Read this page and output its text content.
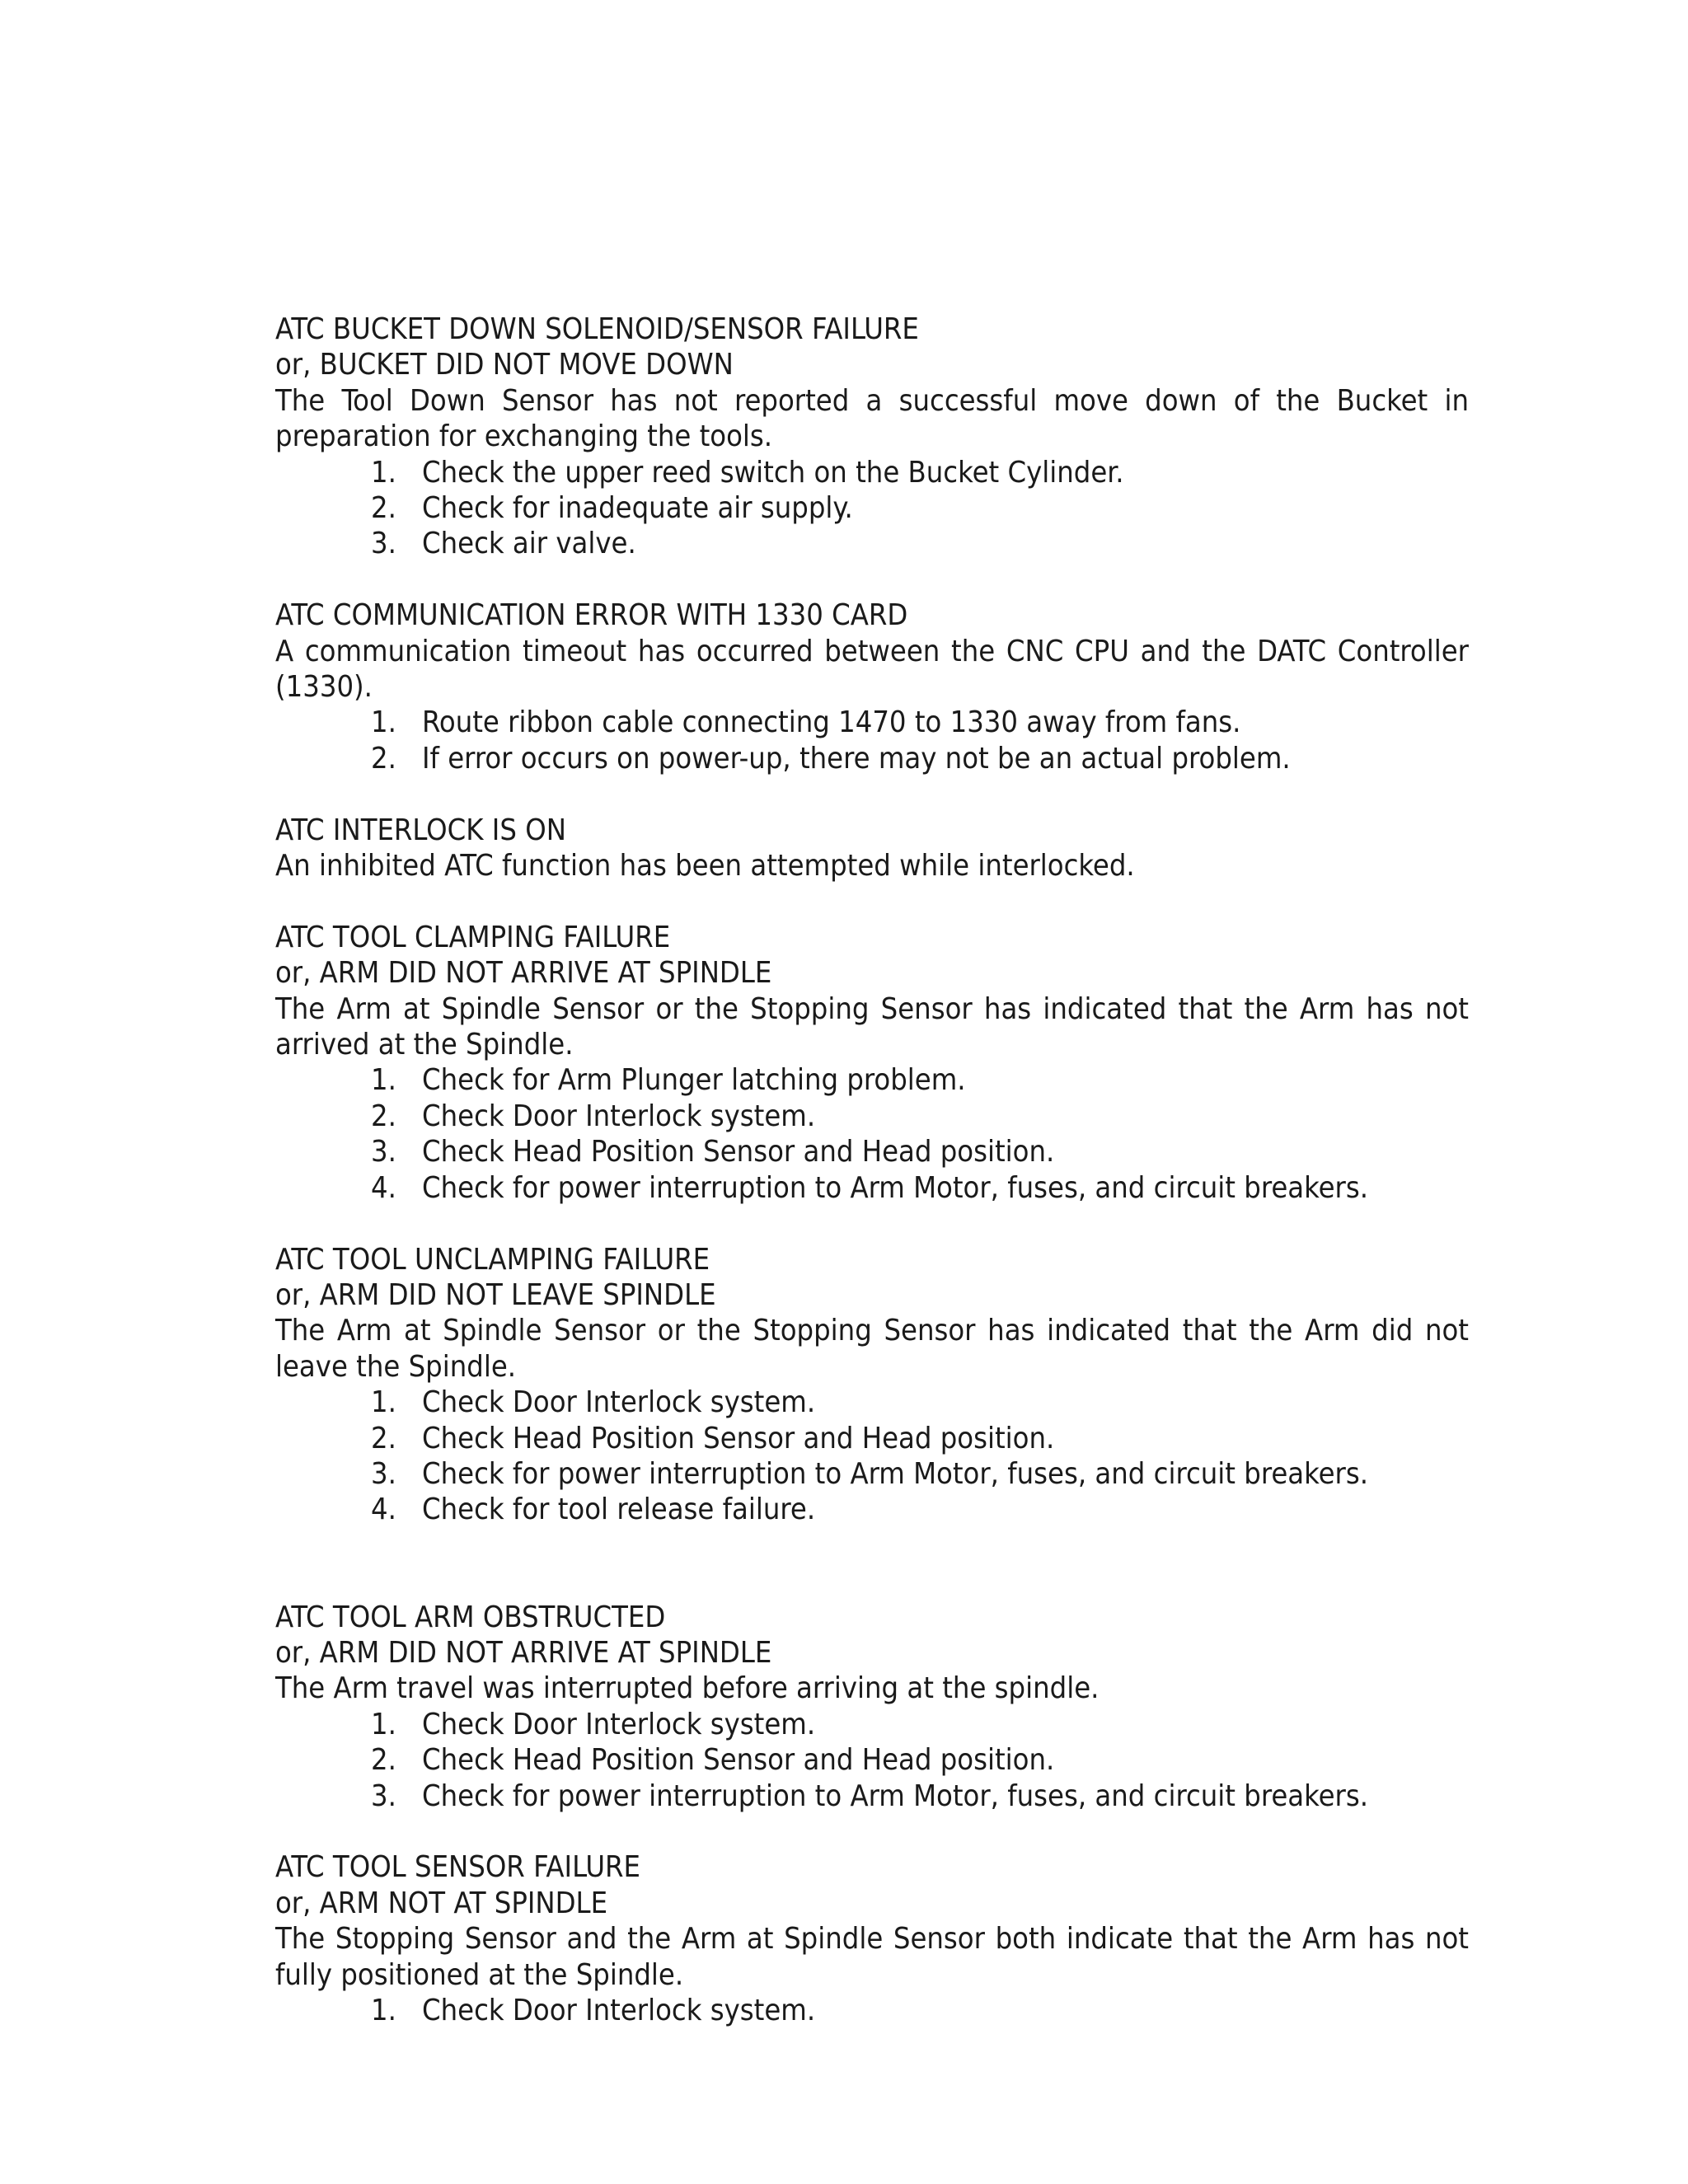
ATC BUCKET DOWN SOLENOID/SENSOR FAILURE
or, BUCKET DID NOT MOVE DOWN

The Tool Down Sensor has not reported a successful move down of the Bucket in preparation for exchanging the tools.

1. Check the upper reed switch on the Bucket Cylinder.
2. Check for inadequate air supply.
3. Check air valve.
ATC COMMUNICATION ERROR WITH 1330 CARD

A communication timeout has occurred between the CNC CPU and the DATC Controller (1330).

1. Route ribbon cable connecting 1470 to 1330 away from fans.
2. If error occurs on power-up, there may not be an actual problem.
ATC INTERLOCK IS ON

An inhibited ATC function has been attempted while interlocked.

ATC TOOL CLAMPING FAILURE
or, ARM DID NOT ARRIVE AT SPINDLE

The Arm at Spindle Sensor or the Stopping Sensor has indicated that the Arm has not arrived at the Spindle.

1. Check for Arm Plunger latching problem.
2. Check Door Interlock system.
3. Check Head Position Sensor and Head position.
4. Check for power interruption to Arm Motor, fuses, and circuit breakers.
ATC TOOL UNCLAMPING FAILURE
or, ARM DID NOT LEAVE SPINDLE

The Arm at Spindle Sensor or the Stopping Sensor has indicated that the Arm did not leave the Spindle.

1. Check Door Interlock system.
2. Check Head Position Sensor and Head position.
3. Check for power interruption to Arm Motor, fuses, and circuit breakers.
4. Check for tool release failure.
ATC TOOL ARM OBSTRUCTED
or, ARM DID NOT ARRIVE AT SPINDLE

The Arm travel was interrupted before arriving at the spindle.

1. Check Door Interlock system.
2. Check Head Position Sensor and Head position.
3. Check for power interruption to Arm Motor, fuses, and circuit breakers.
ATC TOOL SENSOR FAILURE
or, ARM NOT AT SPINDLE

The Stopping Sensor and the Arm at Spindle Sensor both indicate that the Arm has not fully positioned at the Spindle.

1. Check Door Interlock system.
